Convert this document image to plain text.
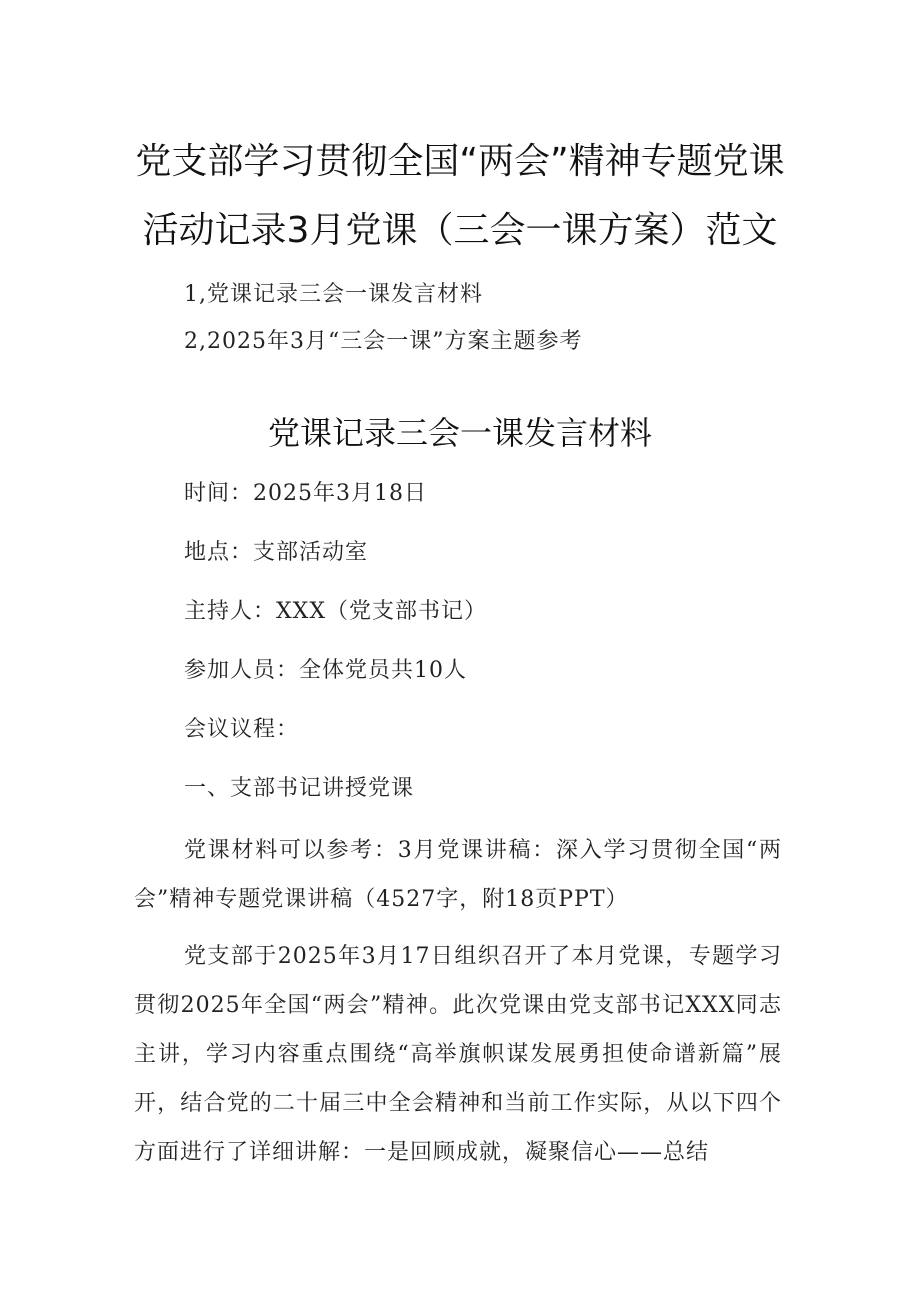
党支部学习贯彻全国“两会”精神专题党课
活动记录3月党课（三会一课方案）范文
1,党课记录三会一课发言材料
2,2025年3月“三会一课”方案主题参考
党课记录三会一课发言材料
时间：2025年3月18日
地点：支部活动室
主持人：XXX（党支部书记）
参加人员：全体党员共10人
会议议程：
一、支部书记讲授党课
党课材料可以参考：3月党课讲稿：深入学习贯彻全国“两会”精神专题党课讲稿（4527字，附18页PPT）
党支部于2025年3月17日组织召开了本月党课，专题学习贯彻2025年全国“两会”精神。此次党课由党支部书记XXX同志主讲，学习内容重点围绕“高举旗帜谋发展勇担使命谱新篇”展开，结合党的二十届三中全会精神和当前工作实际，从以下四个方面进行了详细讲解：一是回顾成就，凝聚信心——总结
